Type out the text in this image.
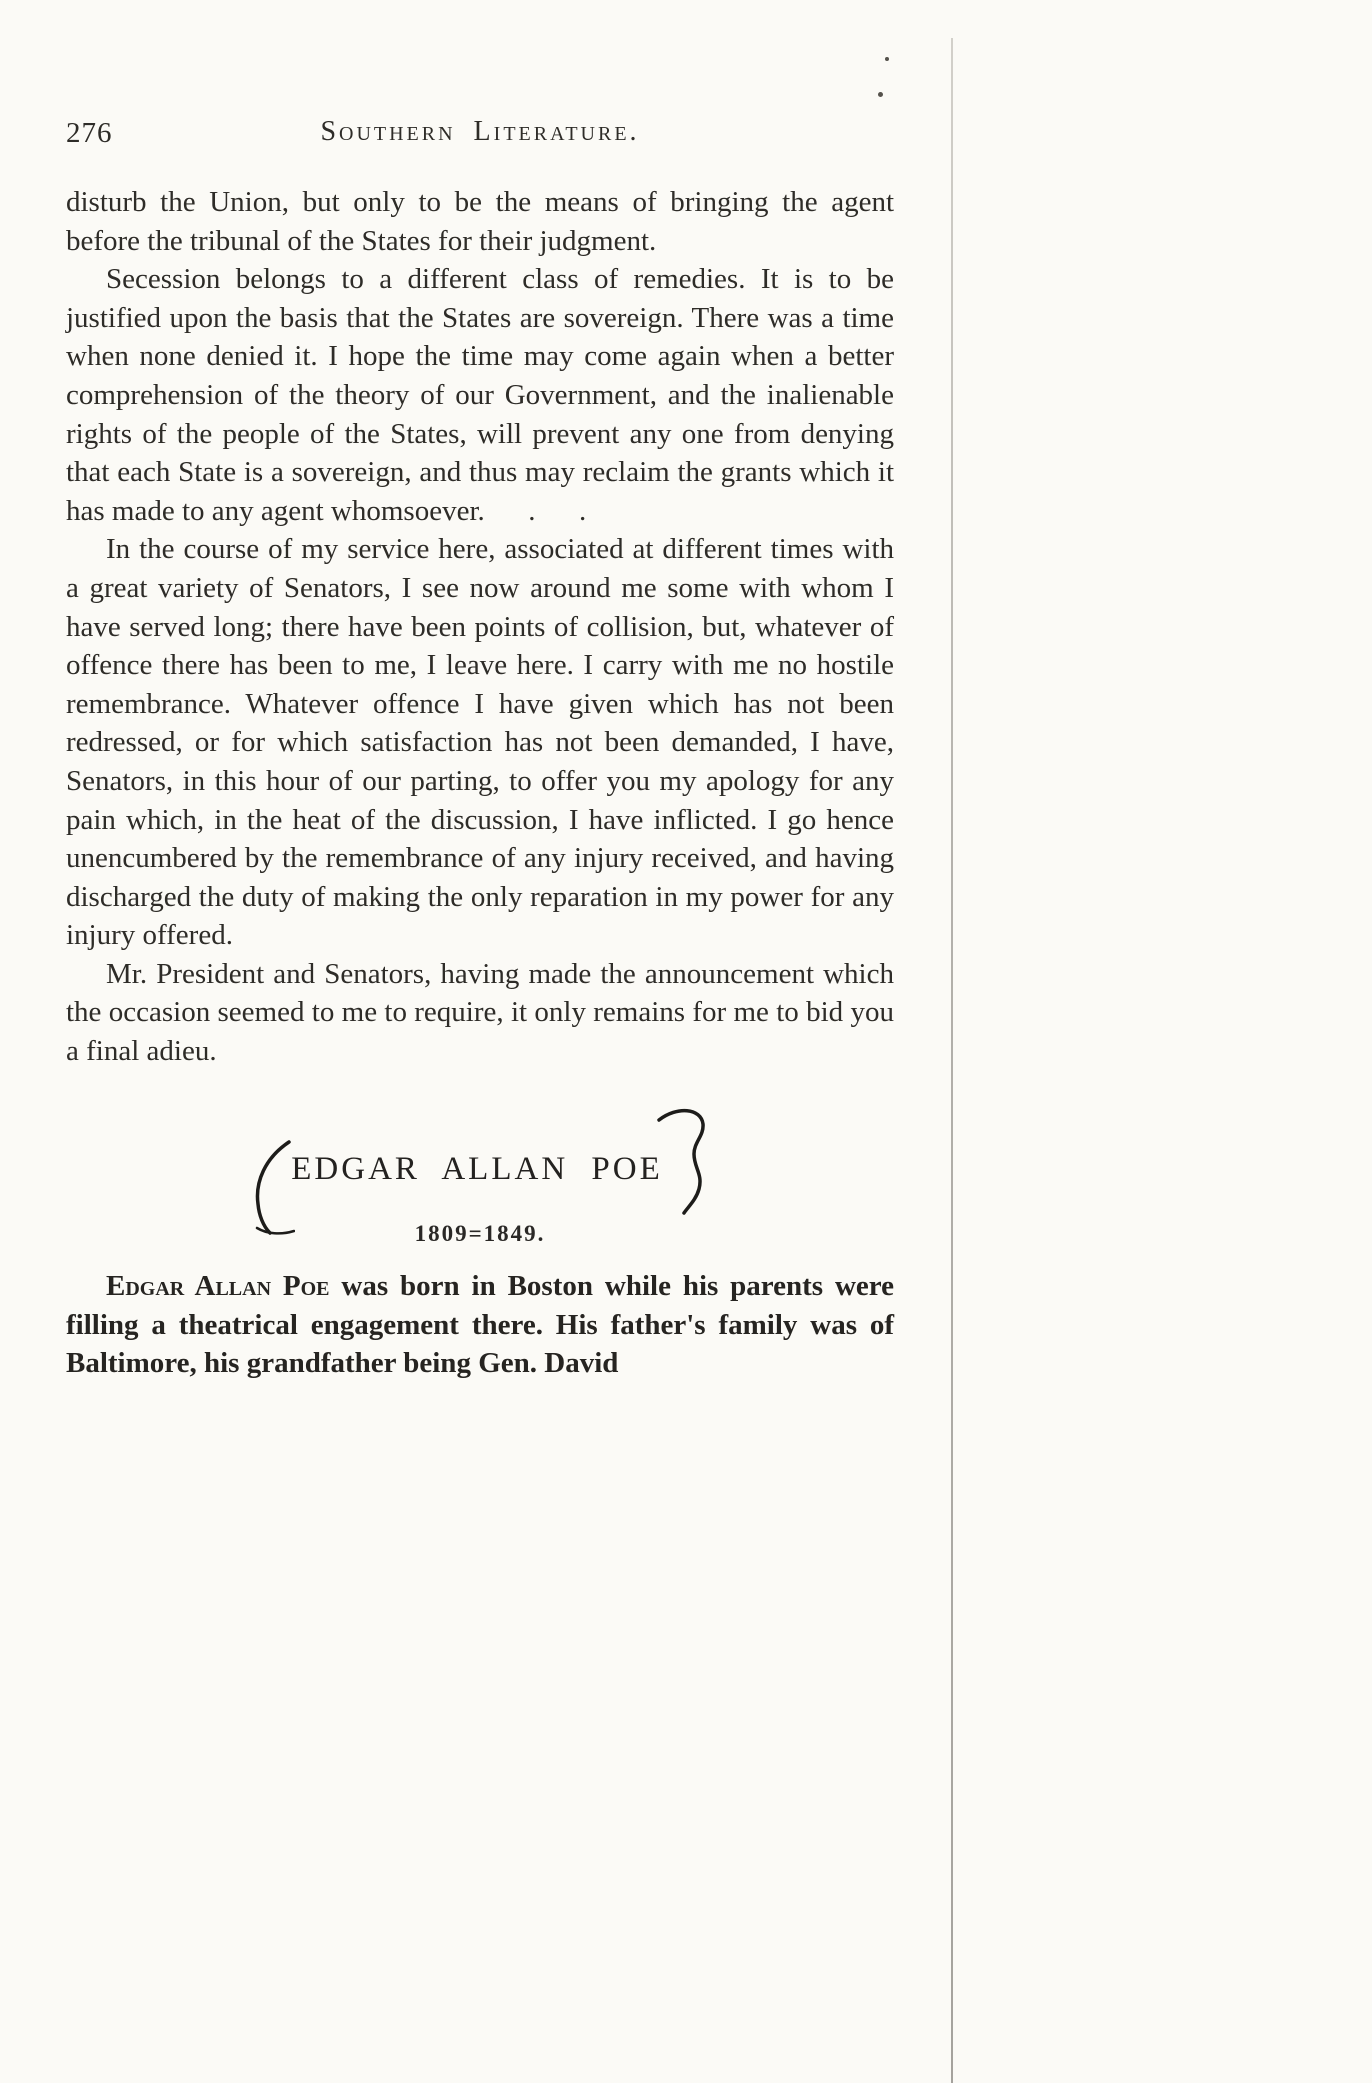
276	Southern Literature.

disturb the Union, but only to be the means of bringing the agent before the tribunal of the States for their judgment.

Secession belongs to a different class of remedies. It is to be justified upon the basis that the States are sovereign. There was a time when none denied it. I hope the time may come again when a better comprehension of the theory of our Government, and the inalienable rights of the people of the States, will prevent any one from denying that each State is a sovereign, and thus may reclaim the grants which it has made to any agent whomsoever.  .  .

In the course of my service here, associated at different times with a great variety of Senators, I see now around me some with whom I have served long; there have been points of collision, but, whatever of offence there has been to me, I leave here. I carry with me no hostile remembrance. Whatever offence I have given which has not been redressed, or for which satisfaction has not been demanded, I have, Senators, in this hour of our parting, to offer you my apology for any pain which, in the heat of the discussion, I have inflicted. I go hence unencumbered by the remembrance of any injury received, and having discharged the duty of making the only reparation in my power for any injury offered.

Mr. President and Senators, having made the announcement which the occasion seemed to me to require, it only remains for me to bid you a final adieu.

EDGAR ALLAN POE
1809=1849.

Edgar Allan Poe was born in Boston while his parents were filling a theatrical engagement there. His father's family was of Baltimore, his grandfather being Gen. David
